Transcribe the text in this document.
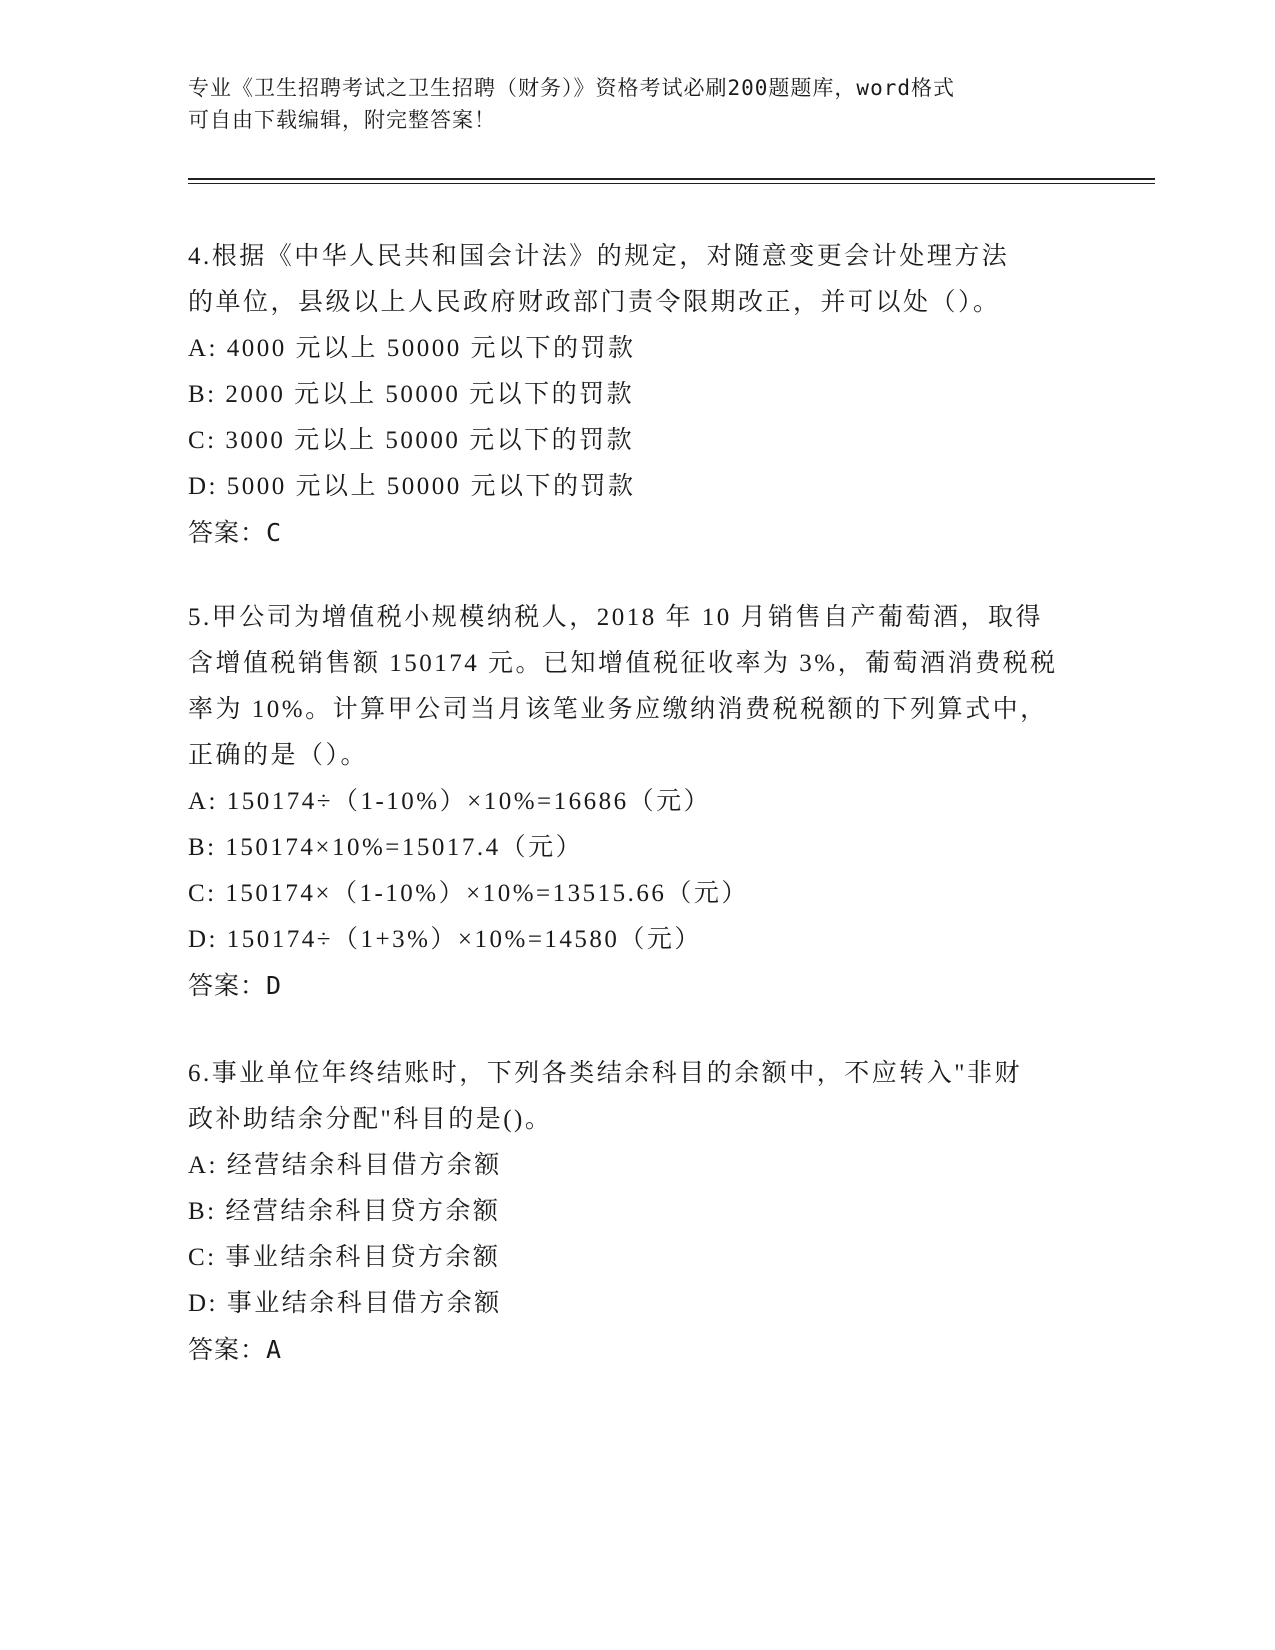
专业《卫生招聘考试之卫生招聘（财务）》资格考试必刷200题题库，word格式
可自由下载编辑，附完整答案！
4.根据《中华人民共和国会计法》的规定，对随意变更会计处理方法
的单位，县级以上人民政府财政部门责令限期改正，并可以处（）。
A: 4000 元以上 50000 元以下的罚款
B: 2000 元以上 50000 元以下的罚款
C: 3000 元以上 50000 元以下的罚款
D: 5000 元以上 50000 元以下的罚款
答案：C
5.甲公司为增值税小规模纳税人，2018 年 10 月销售自产葡萄酒，取得
含增值税销售额 150174 元。已知增值税征收率为 3%，葡萄酒消费税税
率为 10%。计算甲公司当月该笔业务应缴纳消费税税额的下列算式中，
正确的是（）。
A: 150174÷（1-10%）×10%=16686（元）
B: 150174×10%=15017.4（元）
C: 150174×（1-10%）×10%=13515.66（元）
D: 150174÷（1+3%）×10%=14580（元）
答案：D
6.事业单位年终结账时，下列各类结余科目的余额中，不应转入"非财
政补助结余分配"科目的是()。
A: 经营结余科目借方余额
B: 经营结余科目贷方余额
C: 事业结余科目贷方余额
D: 事业结余科目借方余额
答案：A
